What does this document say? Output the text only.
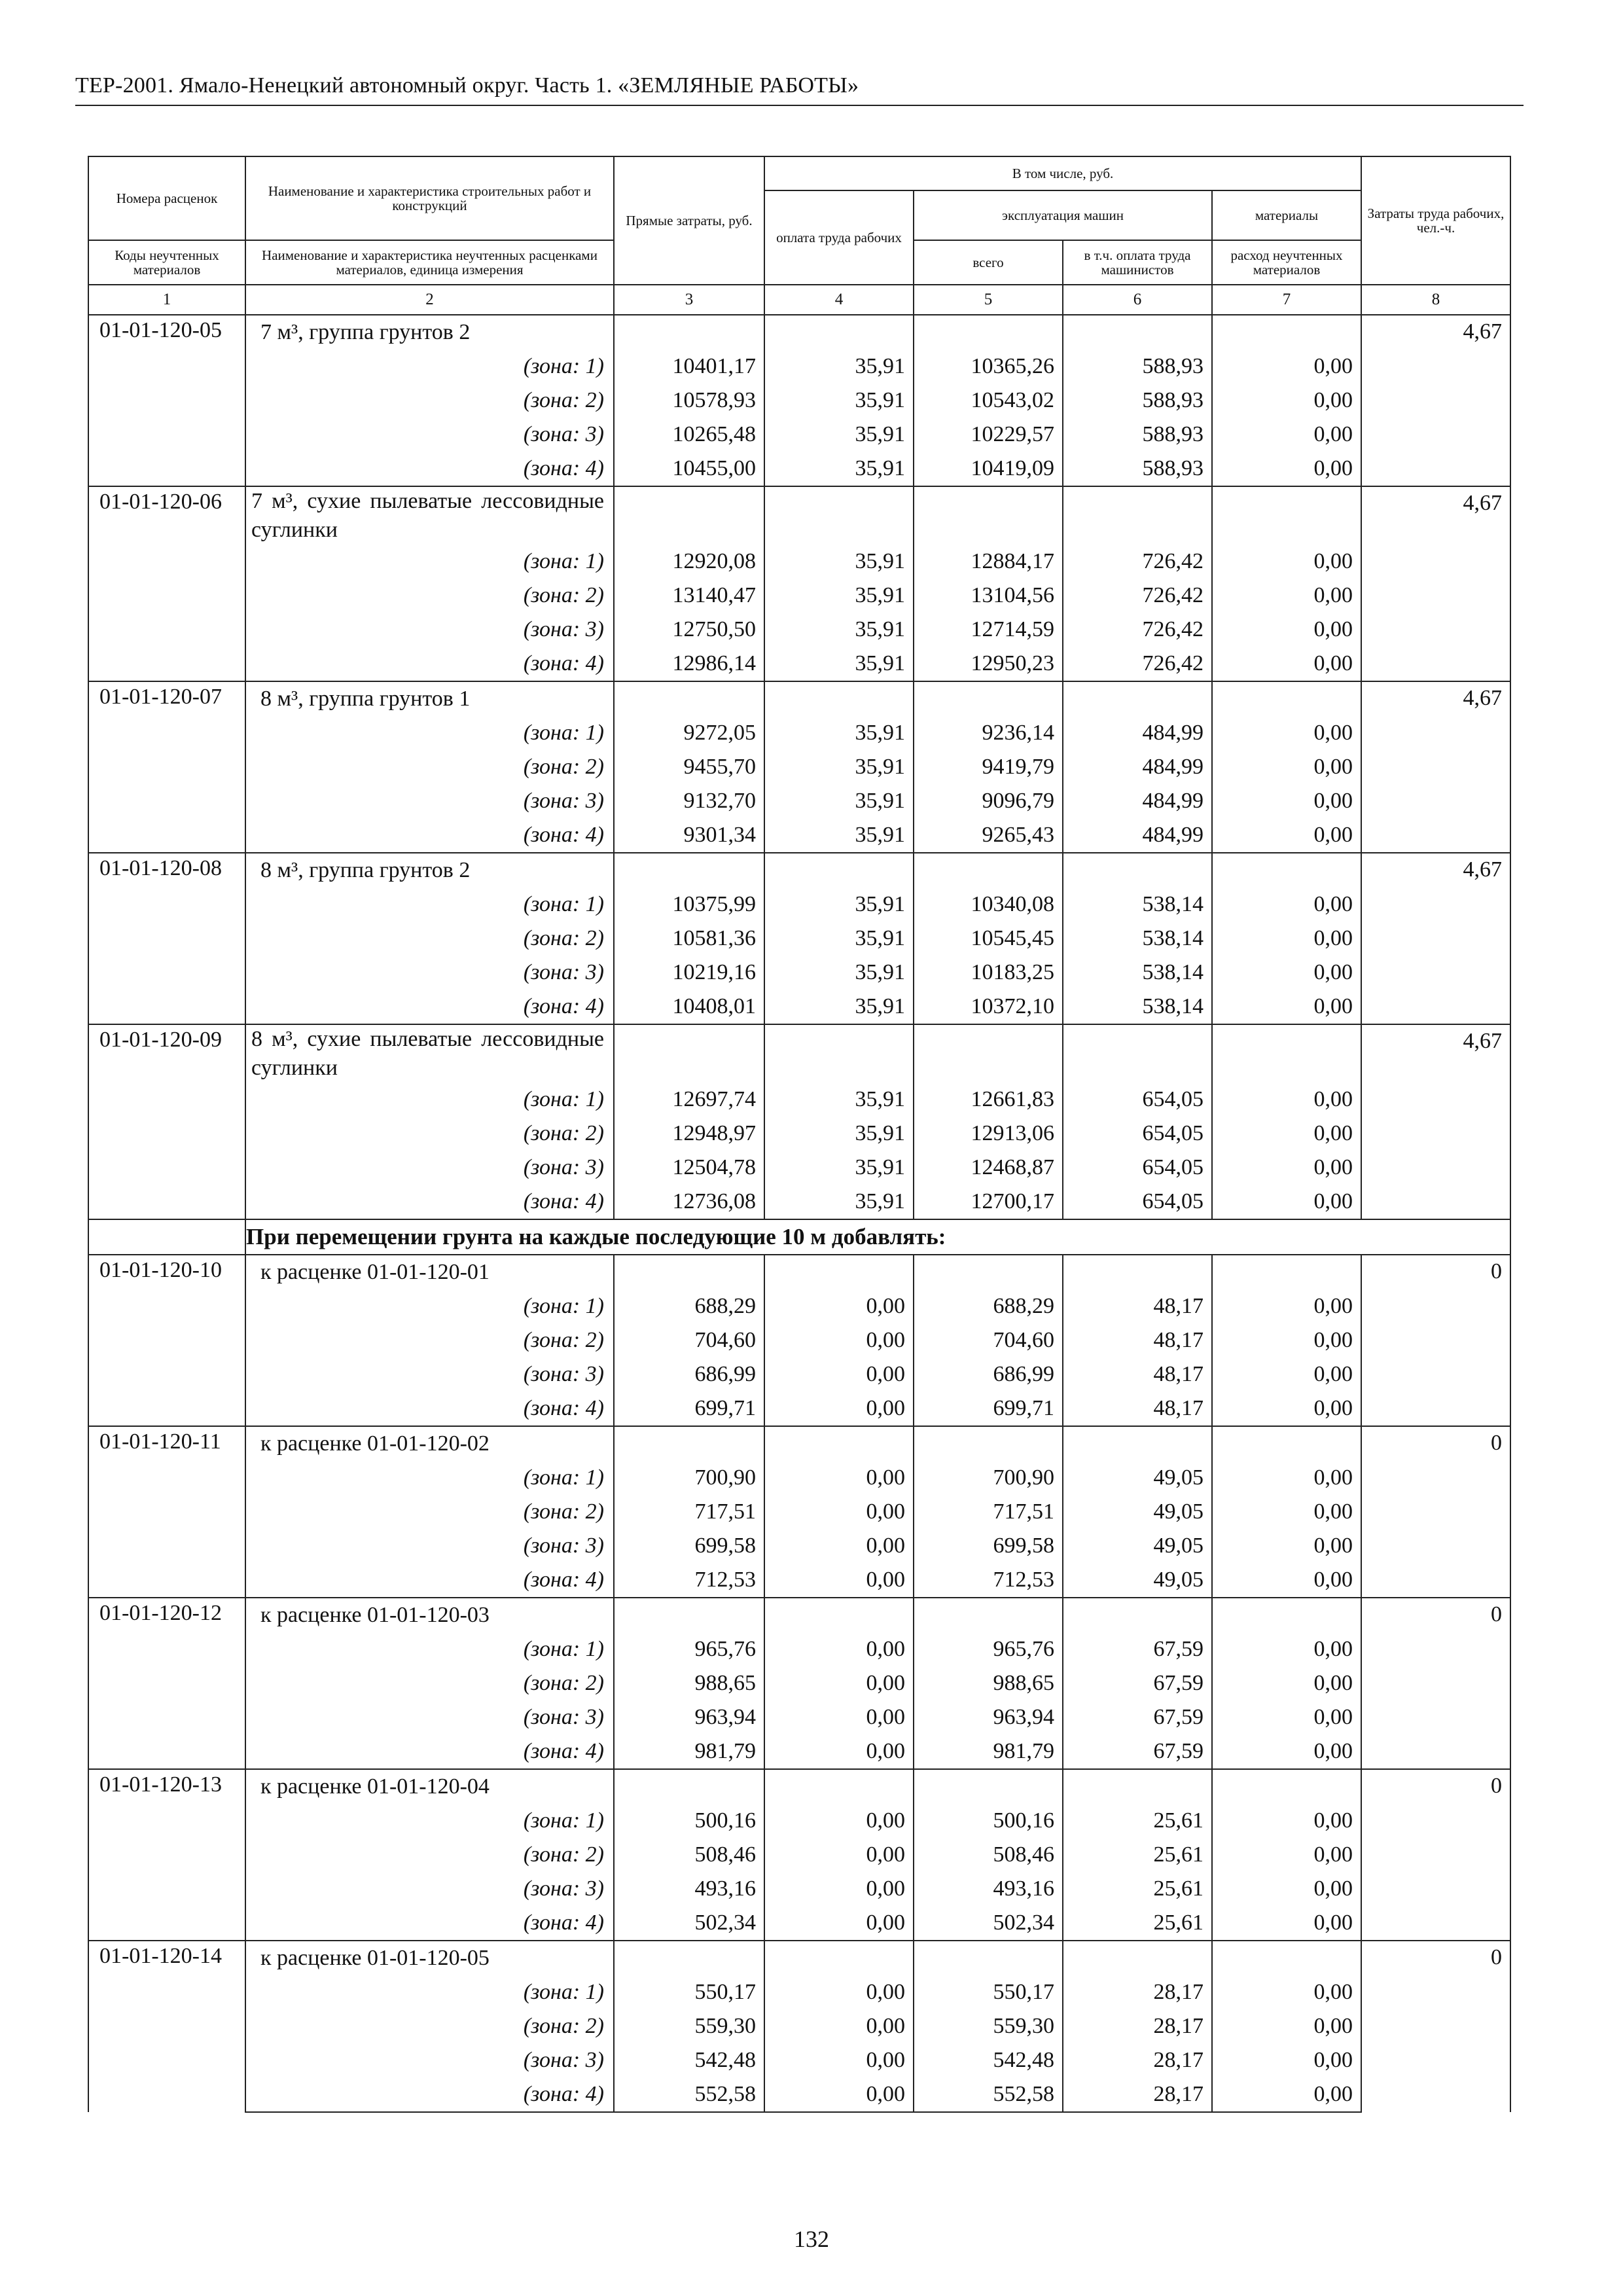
ТЕР-2001. Ямало-Ненецкий автономный округ. Часть 1. «ЗЕМЛЯНЫЕ РАБОТЫ»
Номера расценок	Наименование и характеристика строительных работ и конструкций	Прямые затраты, руб.	В том числе, руб.				Затраты труда рабочих, чел.-ч.
			оплата труда рабочих	эксплуатация машин		материалы	
Коды неучтенных материалов	Наименование и характеристика неучтенных расценками материалов, единица измерения			всего	в т.ч. оплата труда машинистов	расход неучтенных материалов	
1	2	3	4	5	6	7	8
01-01-120-05	7 м³, группа грунтов 2						4,67
	(зона: 1)	10401,17	35,91	10365,26	588,93	0,00	
	(зона: 2)	10578,93	35,91	10543,02	588,93	0,00	
	(зона: 3)	10265,48	35,91	10229,57	588,93	0,00	
	(зона: 4)	10455,00	35,91	10419,09	588,93	0,00	
01-01-120-06	7 м³, сухие пылеватые лессовидные суглинки						4,67
	(зона: 1)	12920,08	35,91	12884,17	726,42	0,00	
	(зона: 2)	13140,47	35,91	13104,56	726,42	0,00	
	(зона: 3)	12750,50	35,91	12714,59	726,42	0,00	
	(зона: 4)	12986,14	35,91	12950,23	726,42	0,00	
01-01-120-07	8 м³, группа грунтов 1						4,67
	(зона: 1)	9272,05	35,91	9236,14	484,99	0,00	
	(зона: 2)	9455,70	35,91	9419,79	484,99	0,00	
	(зона: 3)	9132,70	35,91	9096,79	484,99	0,00	
	(зона: 4)	9301,34	35,91	9265,43	484,99	0,00	
01-01-120-08	8 м³, группа грунтов 2						4,67
	(зона: 1)	10375,99	35,91	10340,08	538,14	0,00	
	(зона: 2)	10581,36	35,91	10545,45	538,14	0,00	
	(зона: 3)	10219,16	35,91	10183,25	538,14	0,00	
	(зона: 4)	10408,01	35,91	10372,10	538,14	0,00	
01-01-120-09	8 м³, сухие пылеватые лессовидные суглинки						4,67
	(зона: 1)	12697,74	35,91	12661,83	654,05	0,00	
	(зона: 2)	12948,97	35,91	12913,06	654,05	0,00	
	(зона: 3)	12504,78	35,91	12468,87	654,05	0,00	
	(зона: 4)	12736,08	35,91	12700,17	654,05	0,00	
	При перемещении грунта на каждые последующие 10 м добавлять:						
01-01-120-10	к расценке 01-01-120-01						0
	(зона: 1)	688,29	0,00	688,29	48,17	0,00	
	(зона: 2)	704,60	0,00	704,60	48,17	0,00	
	(зона: 3)	686,99	0,00	686,99	48,17	0,00	
	(зона: 4)	699,71	0,00	699,71	48,17	0,00	
01-01-120-11	к расценке 01-01-120-02						0
	(зона: 1)	700,90	0,00	700,90	49,05	0,00	
	(зона: 2)	717,51	0,00	717,51	49,05	0,00	
	(зона: 3)	699,58	0,00	699,58	49,05	0,00	
	(зона: 4)	712,53	0,00	712,53	49,05	0,00	
01-01-120-12	к расценке 01-01-120-03						0
	(зона: 1)	965,76	0,00	965,76	67,59	0,00	
	(зона: 2)	988,65	0,00	988,65	67,59	0,00	
	(зона: 3)	963,94	0,00	963,94	67,59	0,00	
	(зона: 4)	981,79	0,00	981,79	67,59	0,00	
01-01-120-13	к расценке 01-01-120-04						0
	(зона: 1)	500,16	0,00	500,16	25,61	0,00	
	(зона: 2)	508,46	0,00	508,46	25,61	0,00	
	(зона: 3)	493,16	0,00	493,16	25,61	0,00	
	(зона: 4)	502,34	0,00	502,34	25,61	0,00	
01-01-120-14	к расценке 01-01-120-05						0
	(зона: 1)	550,17	0,00	550,17	28,17	0,00	
	(зона: 2)	559,30	0,00	559,30	28,17	0,00	
	(зона: 3)	542,48	0,00	542,48	28,17	0,00	
	(зона: 4)	552,58	0,00	552,58	28,17	0,00	
132
